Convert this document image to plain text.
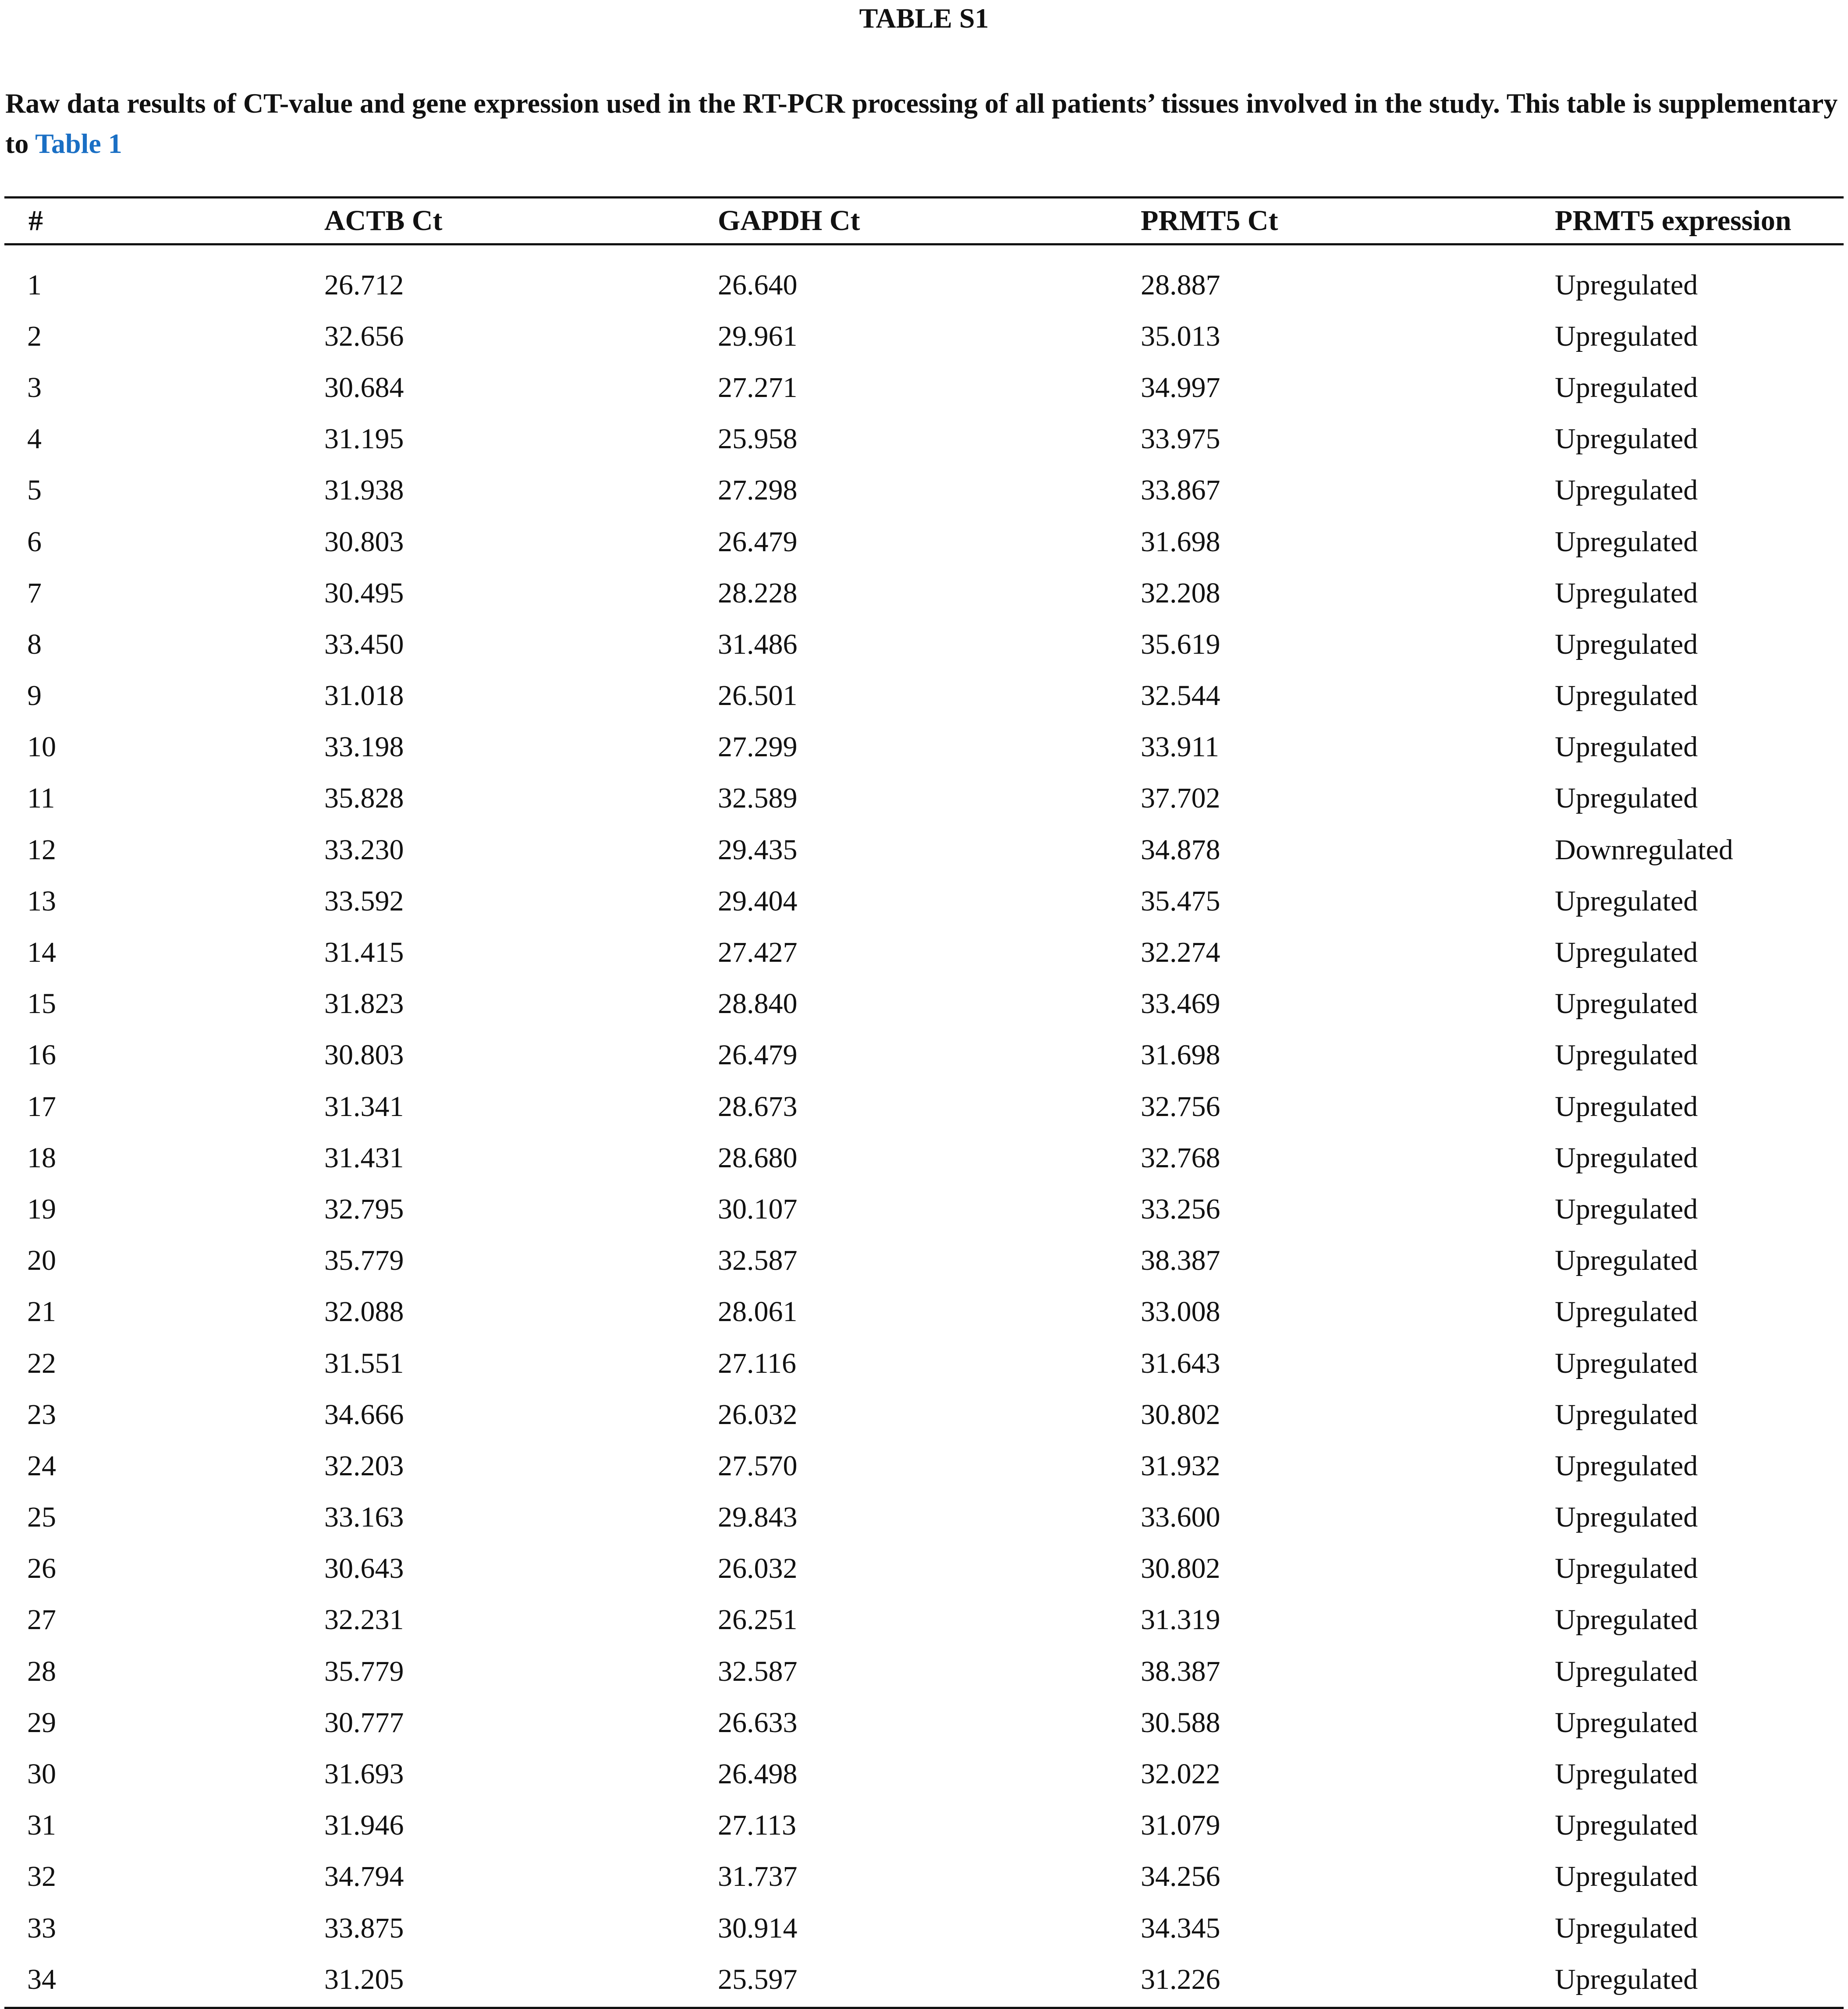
TABLE S1
Raw data results of CT-value and gene expression used in the RT-PCR processing of all patients’ tissues involved in the study. This table is supplementary to Table 1
#	ACTB Ct	GAPDH Ct	PRMT5 Ct	PRMT5 expression
1	26.712	26.640	28.887	Upregulated
2	32.656	29.961	35.013	Upregulated
3	30.684	27.271	34.997	Upregulated
4	31.195	25.958	33.975	Upregulated
5	31.938	27.298	33.867	Upregulated
6	30.803	26.479	31.698	Upregulated
7	30.495	28.228	32.208	Upregulated
8	33.450	31.486	35.619	Upregulated
9	31.018	26.501	32.544	Upregulated
10	33.198	27.299	33.911	Upregulated
11	35.828	32.589	37.702	Upregulated
12	33.230	29.435	34.878	Downregulated
13	33.592	29.404	35.475	Upregulated
14	31.415	27.427	32.274	Upregulated
15	31.823	28.840	33.469	Upregulated
16	30.803	26.479	31.698	Upregulated
17	31.341	28.673	32.756	Upregulated
18	31.431	28.680	32.768	Upregulated
19	32.795	30.107	33.256	Upregulated
20	35.779	32.587	38.387	Upregulated
21	32.088	28.061	33.008	Upregulated
22	31.551	27.116	31.643	Upregulated
23	34.666	26.032	30.802	Upregulated
24	32.203	27.570	31.932	Upregulated
25	33.163	29.843	33.600	Upregulated
26	30.643	26.032	30.802	Upregulated
27	32.231	26.251	31.319	Upregulated
28	35.779	32.587	38.387	Upregulated
29	30.777	26.633	30.588	Upregulated
30	31.693	26.498	32.022	Upregulated
31	31.946	27.113	31.079	Upregulated
32	34.794	31.737	34.256	Upregulated
33	33.875	30.914	34.345	Upregulated
34	31.205	25.597	31.226	Upregulated
